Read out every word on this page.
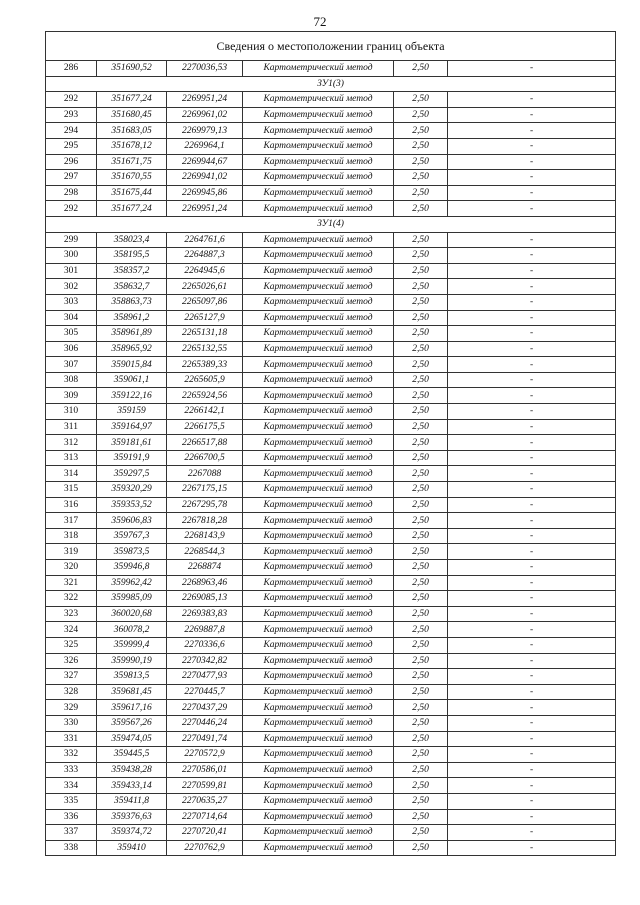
72
Сведения о местоположении границ объекта					
286	351690,52	2270036,53	Картометрический метод	2,50	-
ЗУ1(3)					
292	351677,24	2269951,24	Картометрический метод	2,50	-
293	351680,45	2269961,02	Картометрический метод	2,50	-
294	351683,05	2269979,13	Картометрический метод	2,50	-
295	351678,12	2269964,1	Картометрический метод	2,50	-
296	351671,75	2269944,67	Картометрический метод	2,50	-
297	351670,55	2269941,02	Картометрический метод	2,50	-
298	351675,44	2269945,86	Картометрический метод	2,50	-
292	351677,24	2269951,24	Картометрический метод	2,50	-
ЗУ1(4)					
299	358023,4	2264761,6	Картометрический метод	2,50	-
300	358195,5	2264887,3	Картометрический метод	2,50	-
301	358357,2	2264945,6	Картометрический метод	2,50	-
302	358632,7	2265026,61	Картометрический метод	2,50	-
303	358863,73	2265097,86	Картометрический метод	2,50	-
304	358961,2	2265127,9	Картометрический метод	2,50	-
305	358961,89	2265131,18	Картометрический метод	2,50	-
306	358965,92	2265132,55	Картометрический метод	2,50	-
307	359015,84	2265389,33	Картометрический метод	2,50	-
308	359061,1	2265605,9	Картометрический метод	2,50	-
309	359122,16	2265924,56	Картометрический метод	2,50	-
310	359159	2266142,1	Картометрический метод	2,50	-
311	359164,97	2266175,5	Картометрический метод	2,50	-
312	359181,61	2266517,88	Картометрический метод	2,50	-
313	359191,9	2266700,5	Картометрический метод	2,50	-
314	359297,5	2267088	Картометрический метод	2,50	-
315	359320,29	2267175,15	Картометрический метод	2,50	-
316	359353,52	2267295,78	Картометрический метод	2,50	-
317	359606,83	2267818,28	Картометрический метод	2,50	-
318	359767,3	2268143,9	Картометрический метод	2,50	-
319	359873,5	2268544,3	Картометрический метод	2,50	-
320	359946,8	2268874	Картометрический метод	2,50	-
321	359962,42	2268963,46	Картометрический метод	2,50	-
322	359985,09	2269085,13	Картометрический метод	2,50	-
323	360020,68	2269383,83	Картометрический метод	2,50	-
324	360078,2	2269887,8	Картометрический метод	2,50	-
325	359999,4	2270336,6	Картометрический метод	2,50	-
326	359990,19	2270342,82	Картометрический метод	2,50	-
327	359813,5	2270477,93	Картометрический метод	2,50	-
328	359681,45	2270445,7	Картометрический метод	2,50	-
329	359617,16	2270437,29	Картометрический метод	2,50	-
330	359567,26	2270446,24	Картометрический метод	2,50	-
331	359474,05	2270491,74	Картометрический метод	2,50	-
332	359445,5	2270572,9	Картометрический метод	2,50	-
333	359438,28	2270586,01	Картометрический метод	2,50	-
334	359433,14	2270599,81	Картометрический метод	2,50	-
335	359411,8	2270635,27	Картометрический метод	2,50	-
336	359376,63	2270714,64	Картометрический метод	2,50	-
337	359374,72	2270720,41	Картометрический метод	2,50	-
338	359410	2270762,9	Картометрический метод	2,50	-
